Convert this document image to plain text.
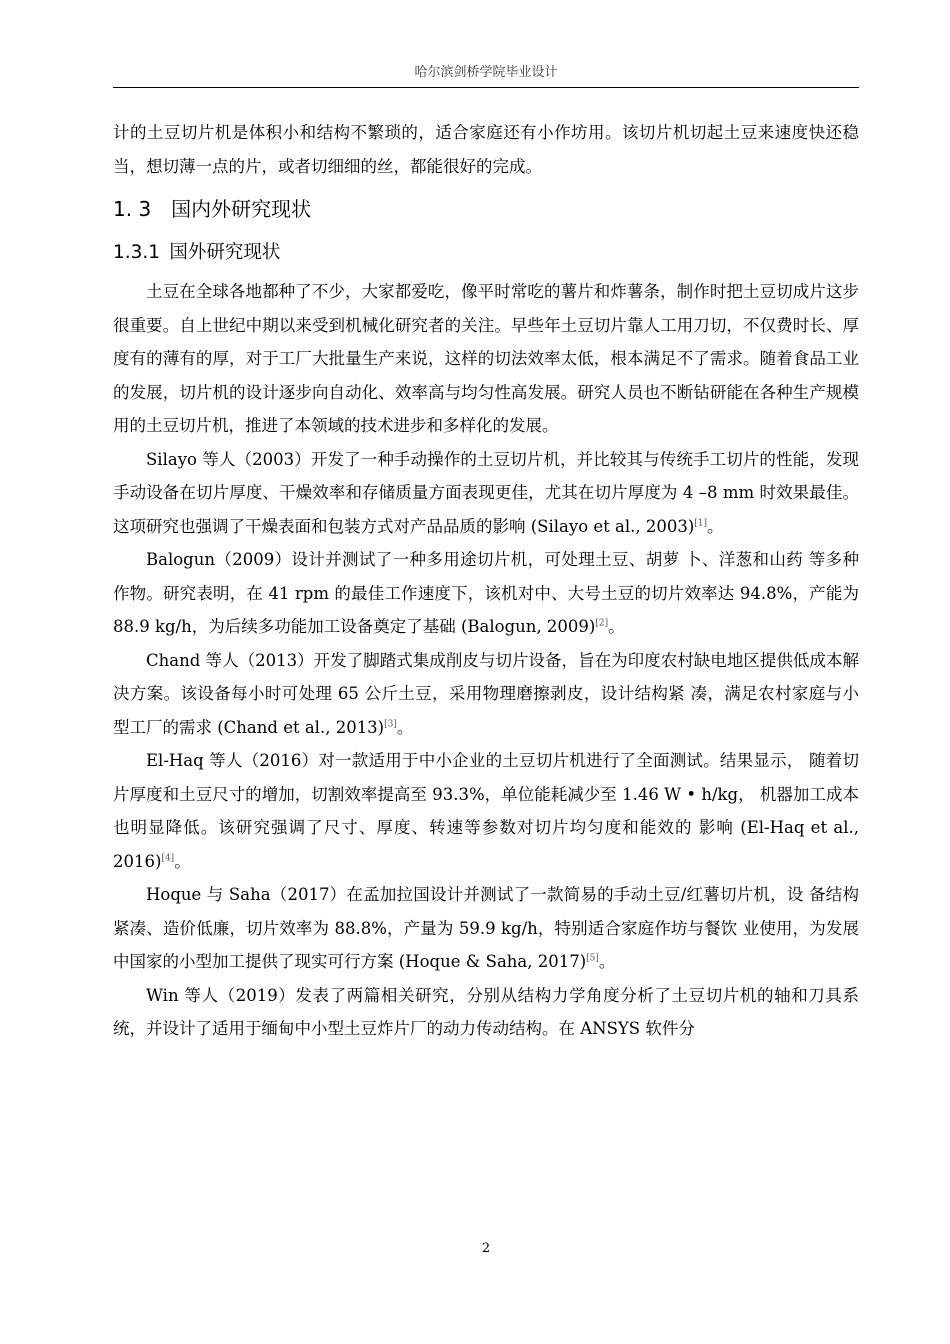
哈尔滨剑桥学院毕业设计

计的土豆切片机是体积小和结构不繁琐的，适合家庭还有小作坊用。该切片机切起土豆来速度快还稳当，想切薄一点的片，或者切细细的丝，都能很好的完成。

1. 3  国内外研究现状
1.3.1  国外研究现状

土豆在全球各地都种了不少，大家都爱吃，像平时常吃的薯片和炸薯条，制作时把土豆切成片这步很重要。自上世纪中期以来受到机械化研究者的关注。早些年土豆切片靠人工用刀切，不仅费时长、厚度有的薄有的厚，对于工厂大批量生产来说，这样的切法效率太低，根本满足不了需求。随着食品工业的发展，切片机的设计逐步向自动化、效率高与均匀性高发展。研究人员也不断钻研能在各种生产规模用的土豆切片机，推进了本领域的技术进步和多样化的发展。

Silayo 等人（2003）开发了一种手动操作的土豆切片机，并比较其与传统手工切片的性能，发现手动设备在切片厚度、干燥效率和存储质量方面表现更佳，尤其在切片厚度为 4 –8 mm 时效果最佳。这项研究也强调了干燥表面和包装方式对产品品质的影响 (Silayo et al., 2003)[1]。

Balogun（2009）设计并测试了一种多用途切片机，可处理土豆、胡萝 卜、洋葱和山药 等多种作物。研究表明，在 41 rpm 的最佳工作速度下，该机对中、大号土豆的切片效率达 94.8%，产能为 88.9 kg/h，为后续多功能加工设备奠定了基础 (Balogun, 2009)[2]。

Chand 等人（2013）开发了脚踏式集成削皮与切片设备，旨在为印度农村缺电地区提供低成本解决方案。该设备每小时可处理 65 公斤土豆，采用物理磨擦剥皮，设计结构紧 凑，满足农村家庭与小型工厂的需求 (Chand et al., 2013)[3]。

El-Haq 等人（2016）对一款适用于中小企业的土豆切片机进行了全面测试。结果显示， 随着切片厚度和土豆尺寸的增加，切割效率提高至 93.3%，单位能耗减少至 1.46 W • h/kg， 机器加工成本也明显降低。该研究强调了尺寸、厚度、转速等参数对切片均匀度和能效的 影响 (El-Haq et al., 2016)[4]。

Hoque 与 Saha（2017）在孟加拉国设计并测试了一款简易的手动土豆/红薯切片机，设 备结构紧凑、造价低廉，切片效率为 88.8%，产量为 59.9 kg/h，特别适合家庭作坊与餐饮 业使用，为发展中国家的小型加工提供了现实可行方案 (Hoque & Saha, 2017)[5]。

Win 等人（2019）发表了两篇相关研究，分别从结构力学角度分析了土豆切片机的轴和刀具系统，并设计了适用于缅甸中小型土豆炸片厂的动力传动结构。在 ANSYS 软件分

2
